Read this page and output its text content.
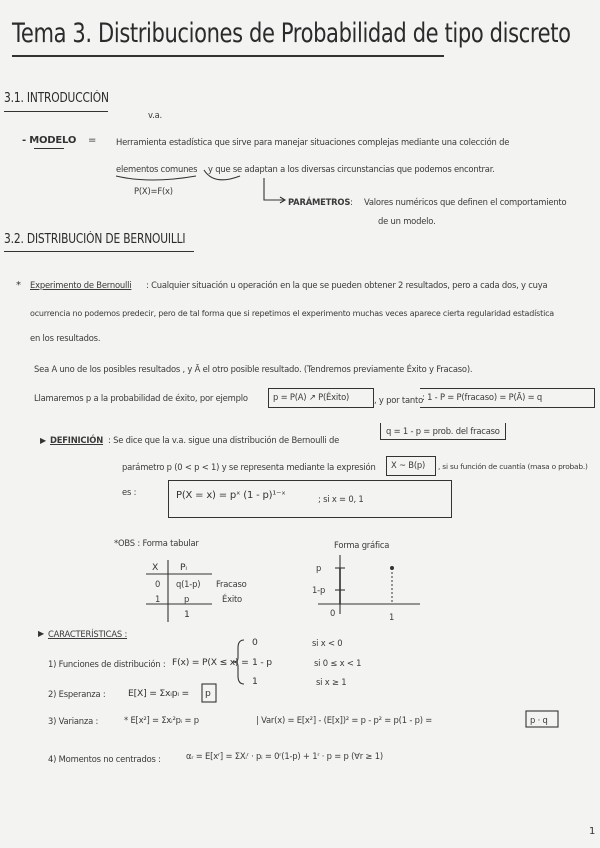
Tema 3. Distribuciones de Probabilidad de tipo discreto
3.1. INTRODUCCIÓN
v.a.
- MODELO = Herramienta estadística que sirve para manejar situaciones complejas mediante una colección de
elementos comunes y que se adaptan a los diversas circunstancias que podemos encontrar.
P(X)=F(x)
PARÁMETROS : Valores numéricos que definen el comportamiento
de un modelo.
3.2. DISTRIBUCIÓN DE BERNOUILLI
* Experimento de Bernoulli : Cualquier situación u operación en la que se pueden obtener 2 resultados, pero a cada dos, y cuya
ocurrencia no podemos predecir, pero de tal forma que si repetimos el experimento muchas veces aparece cierta regularidad estadística
en los resultados.
Sea A uno de los posibles resultados , y Ā el otro posible resultado. (Tendremos previamente Éxito y Fracaso).
Llamaremos p a la probabilidad de éxito, por ejemplo	p = P(A) ↗ P(Éxito)	, y por tanto
: 1 - P = P(fracaso) = P(Ā) = q
q = 1 - p = prob. del fracaso
▶ DEFINICIÓN : Se dice que la v.a. sigue una distribución de Bernoulli de
parámetro p (0 < p < 1) y se representa mediante la expresión X ~ B(p) , si su función de cuantía (masa o probab.)
es :	P(X = x) = pˣ (1 - p)¹⁻ˣ	; si x = 0, 1
*OBS : Forma tabular	Forma gráfica
X Pᵢ
0 q(1-p) Fracaso
1	p	Éxito
1
p
1-p
0	1
▶ CARACTERÍSTICAS :
1) Funciones de distribución : F(x) = P(X ≤ x) =
0
1 - p
1
si x < 0
si 0 ≤ x < 1
si x ≥ 1
2) Esperanza : E[X] = Σxᵢpᵢ = p
3) Varianza :	* E[x²] = Σxᵢ²pᵢ = p	| Var(x) = E[x²] - (E[x])² = p - p² = p(1 - p) =	p · q
4) Momentos no centrados :	αᵣ = E[xʳ] = ΣXᵢʳ · pᵢ = 0ʳ(1-p) + 1ʳ · p = p (∀r ≥ 1)
1
